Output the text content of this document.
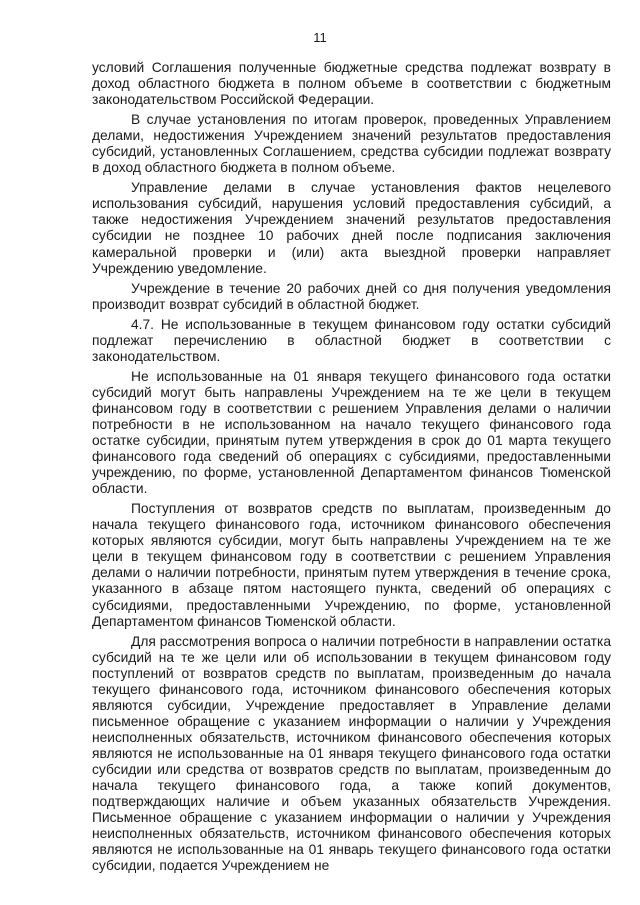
11

условий Соглашения полученные бюджетные средства подлежат возврату в доход областного бюджета в полном объеме в соответствии с бюджетным законодательством Российской Федерации.

В случае установления по итогам проверок, проведенных Управлением делами, недостижения Учреждением значений результатов предоставления субсидий, установленных Соглашением, средства субсидии подлежат возврату в доход областного бюджета в полном объеме.

Управление делами в случае установления фактов нецелевого использования субсидий, нарушения условий предоставления субсидий, а также недостижения Учреждением значений результатов предоставления субсидии не позднее 10 рабочих дней после подписания заключения камеральной проверки и (или) акта выездной проверки направляет Учреждению уведомление.

Учреждение в течение 20 рабочих дней со дня получения уведомления производит возврат субсидий в областной бюджет.

4.7. Не использованные в текущем финансовом году остатки субсидий подлежат перечислению в областной бюджет в соответствии с законодательством.

Не использованные на 01 января текущего финансового года остатки субсидий могут быть направлены Учреждением на те же цели в текущем финансовом году в соответствии с решением Управления делами о наличии потребности в не использованном на начало текущего финансового года остатке субсидии, принятым путем утверждения в срок до 01 марта текущего финансового года сведений об операциях с субсидиями, предоставленными учреждению, по форме, установленной Департаментом финансов Тюменской области.

Поступления от возвратов средств по выплатам, произведенным до начала текущего финансового года, источником финансового обеспечения которых являются субсидии, могут быть направлены Учреждением на те же цели в текущем финансовом году в соответствии с решением Управления делами о наличии потребности, принятым путем утверждения в течение срока, указанного в абзаце пятом настоящего пункта, сведений об операциях с субсидиями, предоставленными Учреждению, по форме, установленной Департаментом финансов Тюменской области.

Для рассмотрения вопроса о наличии потребности в направлении остатка субсидий на те же цели или об использовании в текущем финансовом году поступлений от возвратов средств по выплатам, произведенным до начала текущего финансового года, источником финансового обеспечения которых являются субсидии, Учреждение предоставляет в Управление делами письменное обращение с указанием информации о наличии у Учреждения неисполненных обязательств, источником финансового обеспечения которых являются не использованные на 01 января текущего финансового года остатки субсидии или средства от возвратов средств по выплатам, произведенным до начала текущего финансового года, а также копий документов, подтверждающих наличие и объем указанных обязательств Учреждения. Письменное обращение с указанием информации о наличии у Учреждения неисполненных обязательств, источником финансового обеспечения которых являются не использованные на 01 январь текущего финансового года остатки субсидии, подается Учреждением не
